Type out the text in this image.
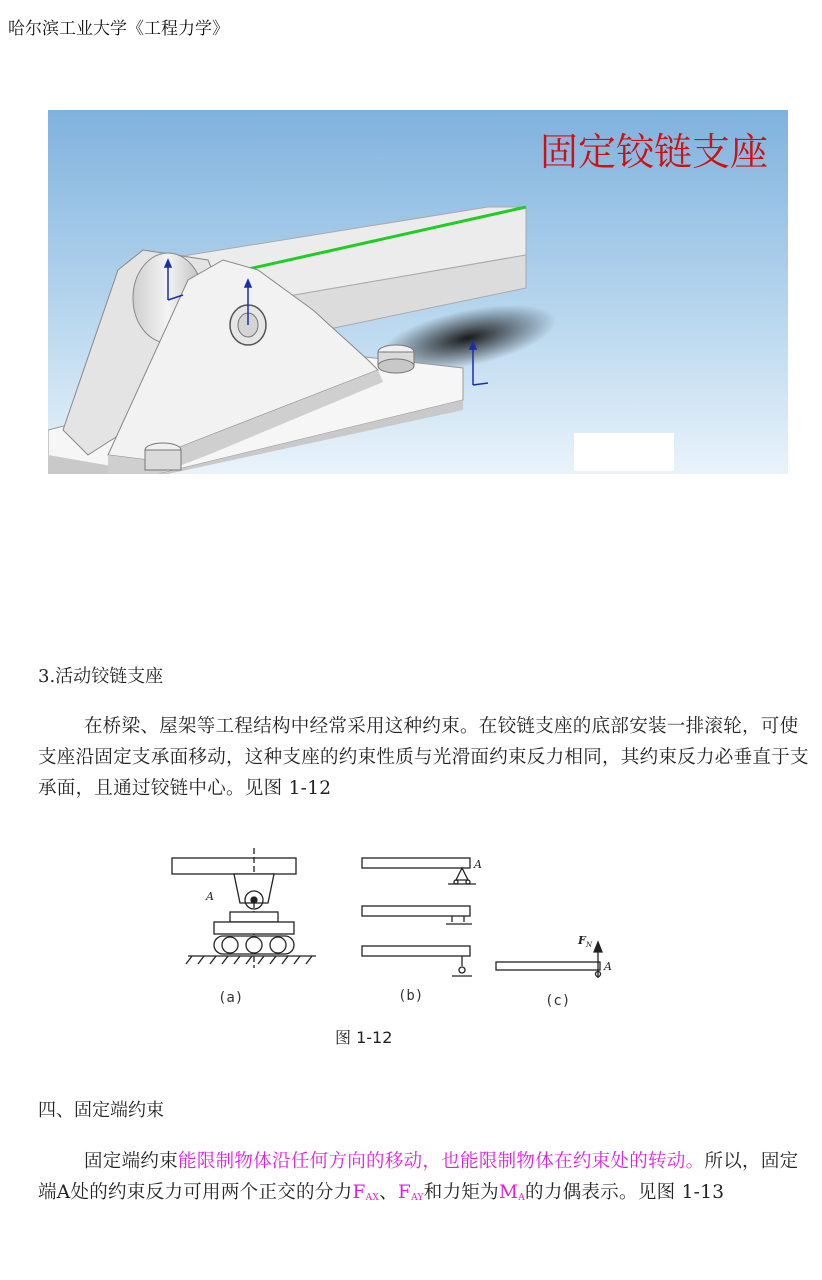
哈尔滨工业大学《工程力学》
固定铰链支座
3.活动铰链支座
在桥梁、屋架等工程结构中经常采用这种约束。在铰链支座的底部安装一排滚轮，可使支座沿固定支承面移动，这种支座的约束性质与光滑面约束反力相同，其约束反力必垂直于支承面，且通过铰链中心。见图 1-12
A
A
A
F N
(a)	(b)	(c)
图 1-12
四、固定端约束
固定端约束能限制物体沿任何方向的移动，也能限制物体在约束处的转动。所以，固定端A处的约束反力可用两个正交的分力$F_{AX}$、$F_{AY}$和力矩为$M_A$的力偶表示。见图 1-13
